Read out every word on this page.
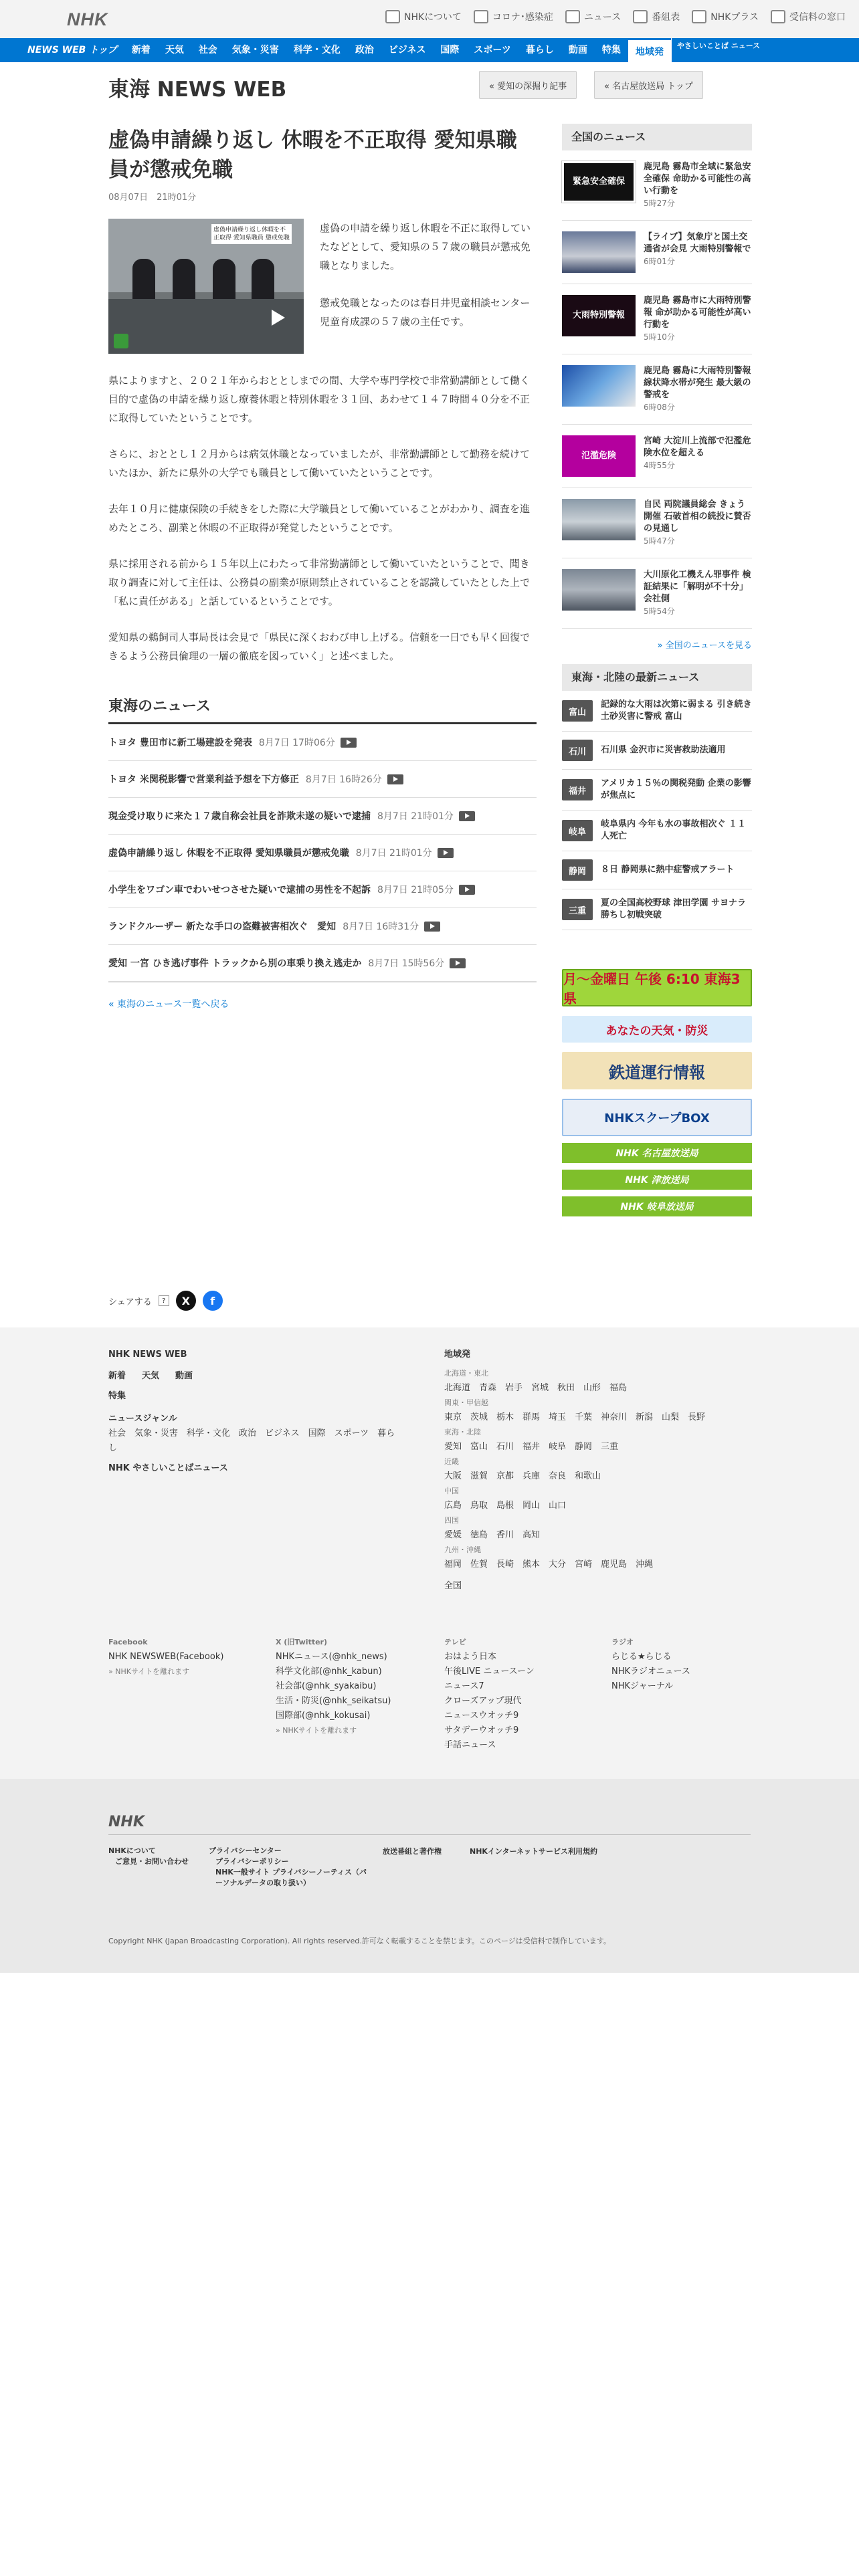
NHK	NHKについて	コロナ･感染症	ニュース	番組表	NHKプラス	受信料の窓口
NEWS WEB トップ	新着	天気	社会	気象・災害	科学・文化	政治	ビジネス	国際	スポーツ	暮らし	動画	特集	地域発
やさしいことば ニュース
東海 NEWS WEB	« 愛知の深掘り記事	« 名古屋放送局 トップ
虚偽申請繰り返し 休暇を不正取得 愛知県職員が懲戒免職
08月07日　21時01分
虚偽申請繰り返し休暇を不正取得 愛知県職員 懲戒免職

虚偽の申請を繰り返し休暇を不正に取得していたなどとして、愛知県の５７歳の職員が懲戒免職となりました。

懲戒免職となったのは春日井児童相談センター児童育成課の５７歳の主任です。

県によりますと、２０２１年からおととしまでの間、大学や専門学校で非常勤講師として働く目的で虚偽の申請を繰り返し療養休暇と特別休暇を３１回、あわせて１４７時間４０分を不正に取得していたということです。

さらに、おととし１２月からは病気休職となっていましたが、非常勤講師として勤務を続けていたほか、新たに県外の大学でも職員として働いていたということです。

去年１０月に健康保険の手続きをした際に大学職員として働いていることがわかり、調査を進めたところ、副業と休暇の不正取得が発覚したということです。

県に採用される前から１５年以上にわたって非常勤講師として働いていたということで、聞き取り調査に対して主任は、公務員の副業が原則禁止されていることを認識していたとした上で「私に責任がある」と話しているということです。

愛知県の鵜飼司人事局長は会見で「県民に深くおわび申し上げる。信頼を一日でも早く回復できるよう公務員倫理の一層の徹底を図っていく」と述べました。

東海のニュース
トヨタ 豊田市に新工場建設を発表 8月7日 17時06分
トヨタ 米関税影響で営業利益予想を下方修正 8月7日 16時26分
現金受け取りに来た１７歳自称会社員を詐欺未遂の疑いで逮捕 8月7日 21時01分
虚偽申請繰り返し 休暇を不正取得 愛知県職員が懲戒免職 8月7日 21時01分
小学生をワゴン車でわいせつさせた疑いで逮捕の男性を不起訴 8月7日 21時05分
ランドクルーザー 新たな手口の盗難被害相次ぐ　愛知 8月7日 16時31分
愛知 一宮 ひき逃げ事件 トラックから別の車乗り換え逃走か 8月7日 15時56分
« 東海のニュース一覧へ戻る
全国のニュース
緊急安全確保
鹿児島 霧島市全域に緊急安全確保 命助かる可能性の高い行動を
5時27分
【ライブ】気象庁と国土交通省が会見 大雨特別警報で
6時01分
大雨特別警報
鹿児島 霧島市に大雨特別警報 命が助かる可能性が高い行動を
5時10分
鹿児島 霧島に大雨特別警報 線状降水帯が発生 最大級の警戒を
6時08分
氾濫危険
宮崎 大淀川上流部で氾濫危険水位を超える
4時55分
自民 両院議員総会 きょう開催 石破首相の続投に賛否の見通し
5時47分
大川原化工機えん罪事件 検証結果に「解明が不十分」会社側
5時54分
» 全国のニュースを見る
東海・北陸の最新ニュース
富山
記録的な大雨は次第に弱まる 引き続き土砂災害に警戒 富山
石川	石川県 金沢市に災害救助法適用
福井
アメリカ１５％の関税発動 企業の影響が焦点に
岐阜
岐阜県内 今年も水の事故相次ぐ １１人死亡
静岡	８日 静岡県に熱中症警戒アラート
三重
夏の全国高校野球 津田学園 サヨナラ勝ちし初戦突破
月～金曜日 午後 6:10 東海3県
あなたの天気・防災
鉄道運行情報
NHKスクープBOX
NHK 名古屋放送局
NHK 津放送局
NHK 岐阜放送局
シェアする	?	X	f
NHK NEWS WEB
新着 天気 動画
特集
ニュースジャンル
社会　気象・災害　科学・文化　政治　ビジネス　国際　スポーツ　暮らし
NHK やさしいことばニュース
地域発
北海道・東北
北海道　青森　岩手　宮城　秋田　山形　福島
関東・甲信越
東京　茨城　栃木　群馬　埼玉　千葉　神奈川　新潟　山梨　長野
東海・北陸
愛知　富山　石川　福井　岐阜　静岡　三重
近畿
大阪　滋賀　京都　兵庫　奈良　和歌山
中国
広島　鳥取　島根　岡山　山口
四国
愛媛　徳島　香川　高知
九州・沖縄
福岡　佐賀　長崎　熊本　大分　宮崎　鹿児島　沖縄
全国
Facebook
NHK NEWSWEB(Facebook)
» NHKサイトを離れます
X (旧Twitter)
NHKニュース(@nhk_news)
科学文化部(@nhk_kabun)
社会部(@nhk_syakaibu)
生活・防災(@nhk_seikatsu)
国際部(@nhk_kokusai)
» NHKサイトを離れます
テレビ
おはよう日本
午後LIVE ニュースーン
ニュース7
クローズアップ現代
ニュースウオッチ9
サタデーウオッチ9
手話ニュース
ラジオ
らじる★らじる
NHKラジオニュース
NHKジャーナル
NHK
NHKについて
ご意見・お問い合わせ
プライバシーセンター
プライバシーポリシー
NHK一般サイト プライバシーノーティス（パーソナルデータの取り扱い）
放送番組と著作権	NHKインターネットサービス利用規約
Copyright NHK (Japan Broadcasting Corporation). All rights reserved.許可なく転載することを禁じます。このページは受信料で制作しています。
